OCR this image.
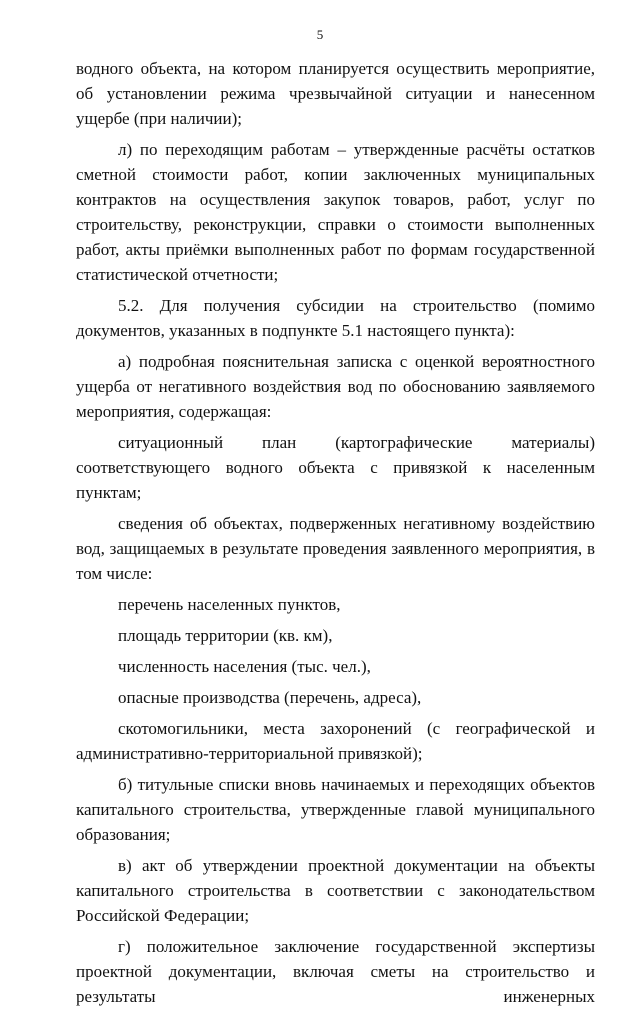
5

водного объекта, на котором планируется осуществить мероприятие, об установлении режима чрезвычайной ситуации и нанесенном ущербе (при наличии);

л) по переходящим работам – утвержденные расчёты остатков сметной стоимости работ, копии заключенных муниципальных контрактов на осуществления закупок товаров, работ, услуг по строительству, реконструкции, справки о стоимости выполненных работ, акты приёмки выполненных работ по формам государственной статистической отчетности;

5.2. Для получения субсидии на строительство (помимо документов, указанных в подпункте 5.1 настоящего пункта):

а) подробная пояснительная записка с оценкой вероятностного ущерба от негативного воздействия вод по обоснованию заявляемого мероприятия, содержащая:

ситуационный план (картографические материалы) соответствующего водного объекта с привязкой к населенным пунктам;

сведения об объектах, подверженных негативному воздействию вод, защищаемых в результате проведения заявленного мероприятия, в том числе:

перечень населенных пунктов,

площадь территории (кв. км),

численность населения (тыс. чел.),

опасные производства (перечень, адреса),

скотомогильники, места захоронений (с географической и административно-территориальной привязкой);

б) титульные списки вновь начинаемых и переходящих объектов капитального строительства, утвержденные главой муниципального образования;

в) акт об утверждении проектной документации на объекты капитального строительства в соответствии с законодательством Российской Федерации;

г) положительное заключение государственной экспертизы проектной документации, включая сметы на строительство и результаты инженерных
